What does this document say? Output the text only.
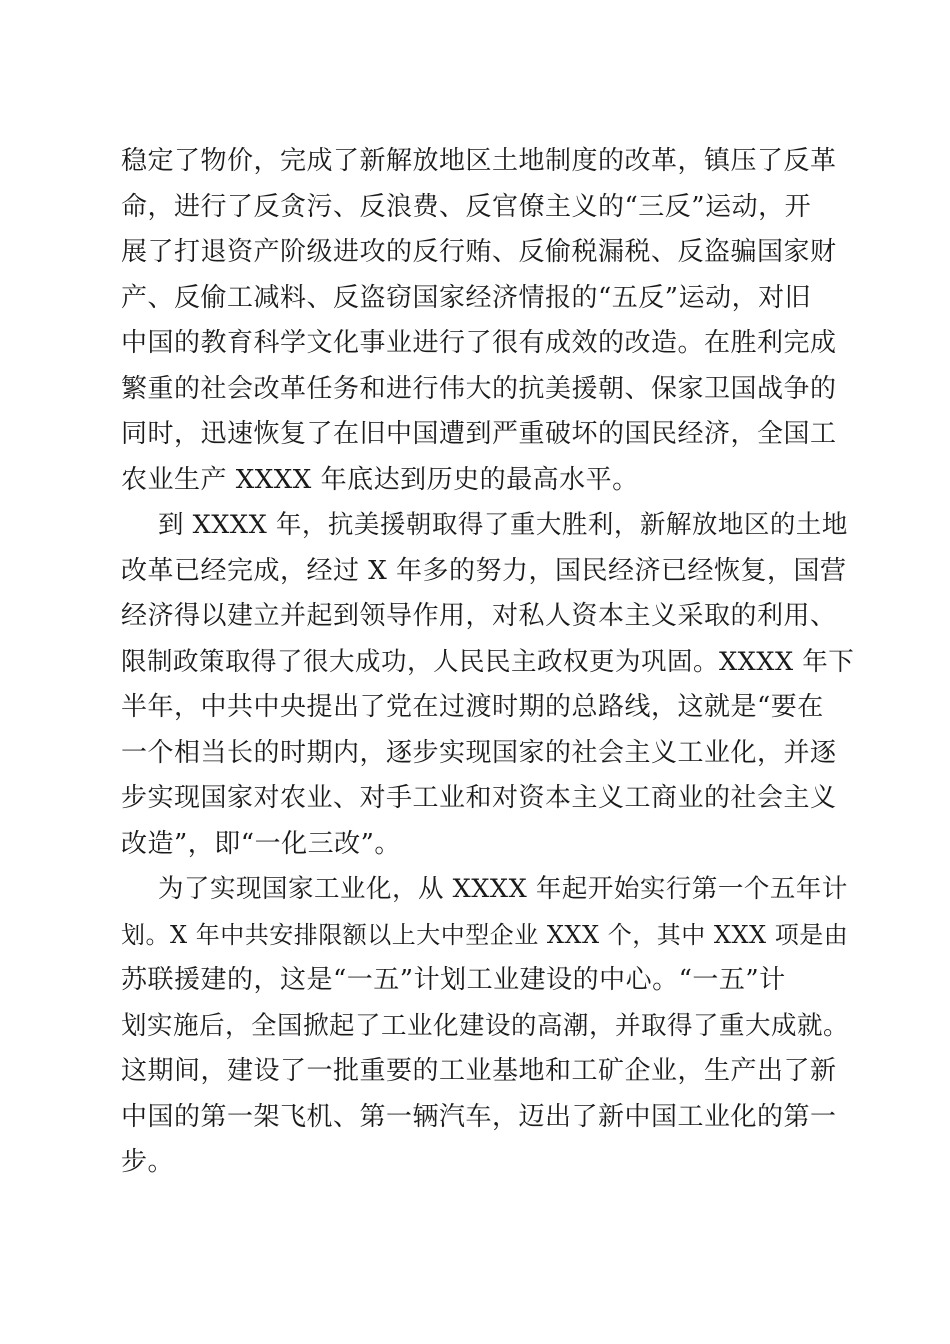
稳定了物价，完成了新解放地区土地制度的改革，镇压了反革
命，进行了反贪污、反浪费、反官僚主义的“三反”运动，开
展了打退资产阶级进攻的反行贿、反偷税漏税、反盗骗国家财
产、反偷工减料、反盗窃国家经济情报的“五反”运动，对旧
中国的教育科学文化事业进行了很有成效的改造。在胜利完成
繁重的社会改革任务和进行伟大的抗美援朝、保家卫国战争的
同时，迅速恢复了在旧中国遭到严重破坏的国民经济，全国工
农业生产 XXXX 年底达到历史的最高水平。
到 XXXX 年，抗美援朝取得了重大胜利，新解放地区的土地
改革已经完成，经过 X 年多的努力，国民经济已经恢复，国营
经济得以建立并起到领导作用，对私人资本主义采取的利用、
限制政策取得了很大成功，人民民主政权更为巩固。XXXX 年下
半年，中共中央提出了党在过渡时期的总路线，这就是“要在
一个相当长的时期内，逐步实现国家的社会主义工业化，并逐
步实现国家对农业、对手工业和对资本主义工商业的社会主义
改造”，即“一化三改”。
为了实现国家工业化，从 XXXX 年起开始实行第一个五年计
划。X 年中共安排限额以上大中型企业 XXX 个，其中 XXX 项是由
苏联援建的，这是“一五”计划工业建设的中心。“一五”计
划实施后，全国掀起了工业化建设的高潮，并取得了重大成就。
这期间，建设了一批重要的工业基地和工矿企业，生产出了新
中国的第一架飞机、第一辆汽车，迈出了新中国工业化的第一
步。
